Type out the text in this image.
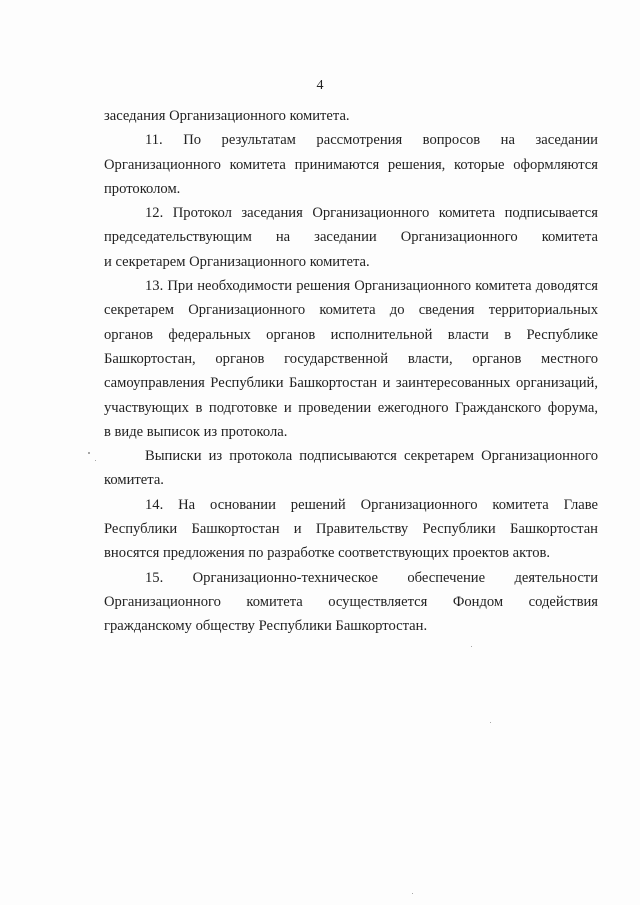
4
заседания Организационного комитета.
11. По результатам рассмотрения вопросов на заседании
Организационного комитета принимаются решения, которые оформляются
протоколом.
12. Протокол заседания Организационного комитета подписывается
председательствующим на заседании Организационного комитета
и секретарем Организационного комитета.
13. При необходимости решения Организационного комитета доводятся
секретарем Организационного комитета до сведения территориальных
органов федеральных органов исполнительной власти в Республике
Башкортостан, органов государственной власти, органов местного
самоуправления Республики Башкортостан и заинтересованных организаций,
участвующих в подготовке и проведении ежегодного Гражданского форума,
в виде выписок из протокола.
Выписки из протокола подписываются секретарем Организационного
комитета.
14. На основании решений Организационного комитета Главе
Республики Башкортостан и Правительству Республики Башкортостан
вносятся предложения по разработке соответствующих проектов актов.
15. Организационно-техническое обеспечение деятельности
Организационного комитета осуществляется Фондом содействия
гражданскому обществу Республики Башкортостан.
